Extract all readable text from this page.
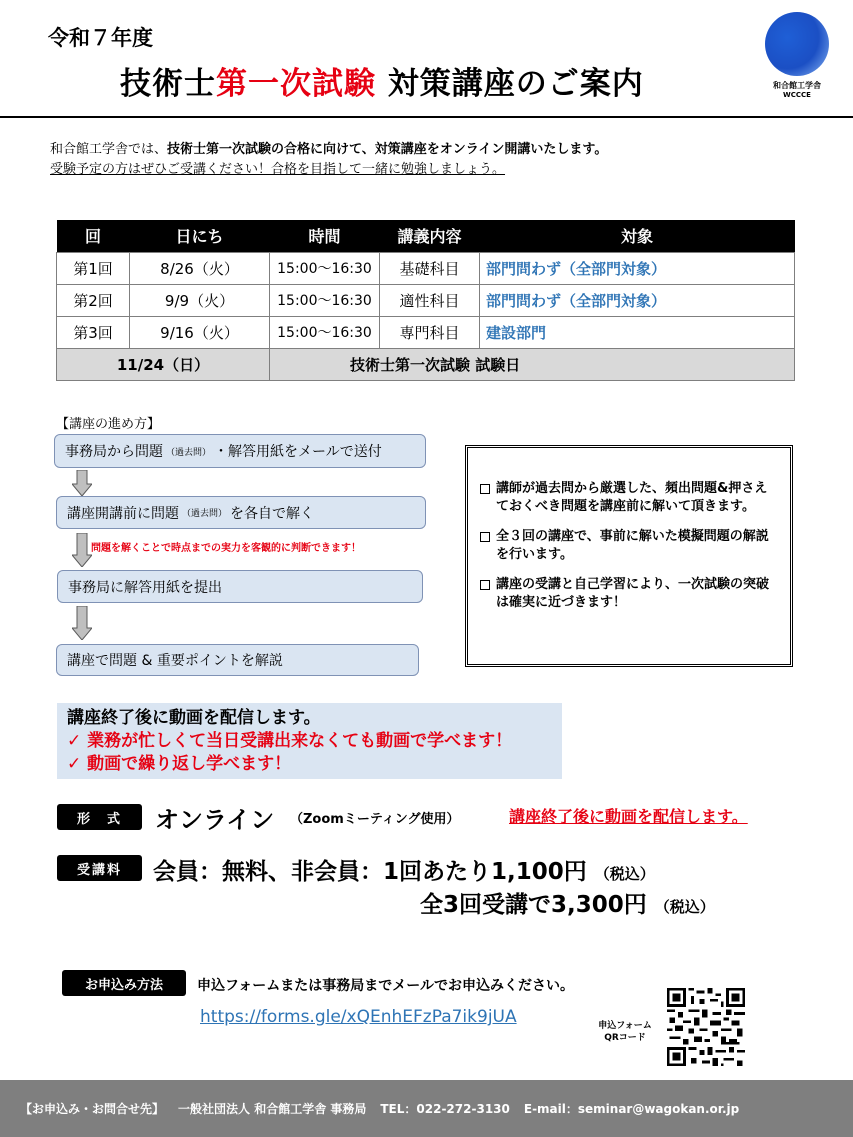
令和７年度
技術士第一次試験 対策講座のご案内	和合館工学舎
WCCCE
和合館工学舎では、技術士第一次試験の合格に向けて、対策講座をオンライン開講いたします。
受験予定の方はぜひご受講ください！合格を目指して一緒に勉強しましょう。
回	日にち	時間	講義内容	対象
第1回	8/26（火）	15:00～16:30	基礎科目	部門問わず（全部門対象）
第2回	9/9（火）	15:00～16:30	適性科目	部門問わず（全部門対象）
第3回	9/16（火）	15:00～16:30	専門科目	建設部門
11/24（日）		技術士第一次試験 試験日		
【講座の進め方】
事務局から問題 （過去問） ・解答用紙をメールで送付
講座開講前に問題 （過去問） を各自で解く
問題を解くことで時点までの実力を客観的に判断できます！
事務局に解答用紙を提出
講座で問題 & 重要ポイントを解説
講師が過去問から厳選した、頻出問題&押さえておくべき問題を講座前に解いて頂きます。
全３回の講座で、事前に解いた模擬問題の解説を行います。
講座の受講と自己学習により、一次試験の突破は確実に近づきます！
講座終了後に動画を配信します。
✓ 業務が忙しくて当日受講出来なくても動画で学べます！
✓ 動画で繰り返し学べます！
形　式	オンライン （Zoomミーティング使用）	講座終了後に動画を配信します。
受講料	会員：無料、非会員：1回あたり1,100円 （税込）
全3回受講で3,300円 （税込）
お申込み方法	申込フォームまたは事務局までメールでお申込みください。
https://forms.gle/xQEnhEFzPa7ik9jUA	申込フォーム
QRコード
【お申込み・お問合せ先】 一般社団法人 和合館工学舎 事務局 TEL：022-272-3130 E-mail：seminar@wagokan.or.jp
